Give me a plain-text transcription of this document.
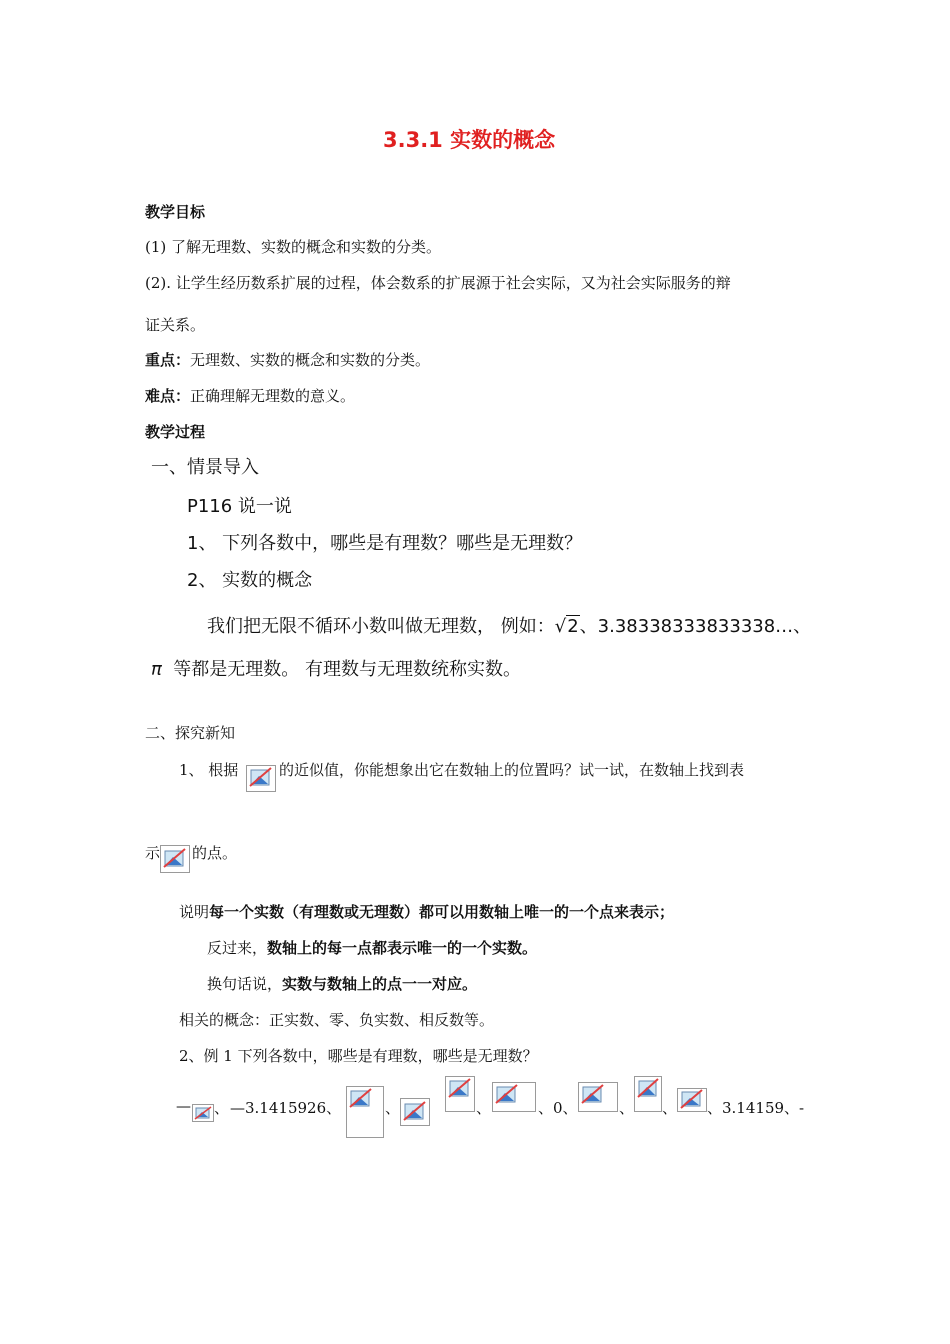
3.3.1 实数的概念
教学目标
(1) 了解无理数、实数的概念和实数的分类。
(2). 让学生经历数系扩展的过程，体会数系的扩展源于社会实际，又为社会实际服务的辩
证关系。
重点：无理数、实数的概念和实数的分类。
难点：正确理解无理数的意义。
教学过程
一、情景导入
P116 说一说
1、 下列各数中，哪些是有理数？哪些是无理数？
2、 实数的概念
我们把无限不循环小数叫做无理数， 例如：√2、3.38338333833338…、
π 等都是无理数。 有理数与无理数统称实数。
二、探究新知
1、 根据	的近似值，你能想象出它在数轴上的位置吗？试一试，在数轴上找到表
示 的点。
说明每一个实数（有理数或无理数）都可以用数轴上唯一的一个点来表示；
反过来，数轴上的每一点都表示唯一的一个实数。
换句话说，实数与数轴上的点一一对应。
相关的概念：正实数、零、负实数、相反数等。
2、例 1 下列各数中，哪些是有理数，哪些是无理数？
— 、 —3.1415926、	、	、	、0、	、 、 、3.14159、-
